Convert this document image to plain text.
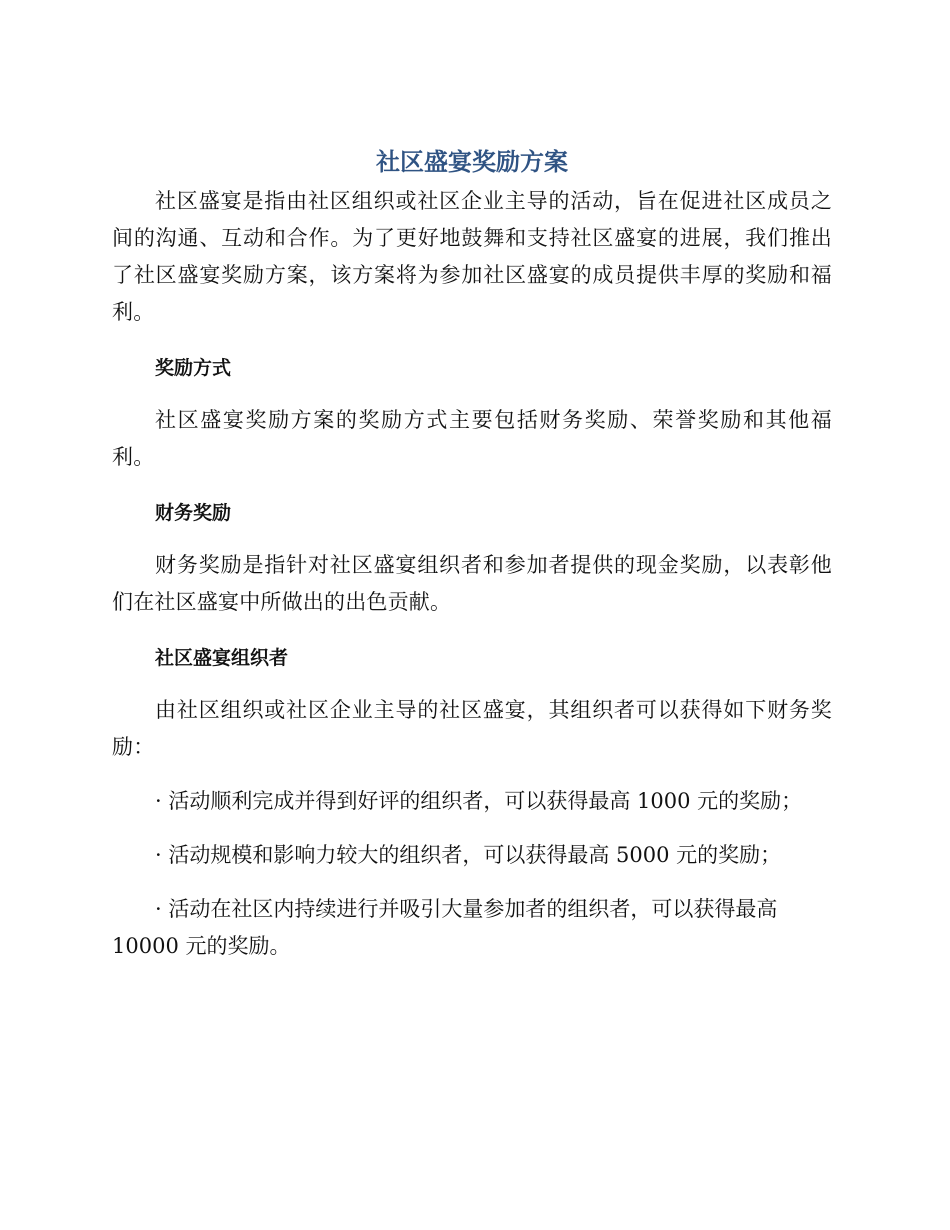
社区盛宴奖励方案

社区盛宴是指由社区组织或社区企业主导的活动，旨在促进社区成员之间的沟通、互动和合作。为了更好地鼓舞和支持社区盛宴的进展，我们推出了社区盛宴奖励方案，该方案将为参加社区盛宴的成员提供丰厚的奖励和福利。

奖励方式

社区盛宴奖励方案的奖励方式主要包括财务奖励、荣誉奖励和其他福利。

财务奖励

财务奖励是指针对社区盛宴组织者和参加者提供的现金奖励，以表彰他们在社区盛宴中所做出的出色贡献。

社区盛宴组织者

由社区组织或社区企业主导的社区盛宴，其组织者可以获得如下财务奖励：

· 活动顺利完成并得到好评的组织者，可以获得最高 1000 元的奖励；

· 活动规模和影响力较大的组织者，可以获得最高 5000 元的奖励；

· 活动在社区内持续进行并吸引大量参加者的组织者，可以获得最高 10000 元的奖励。
